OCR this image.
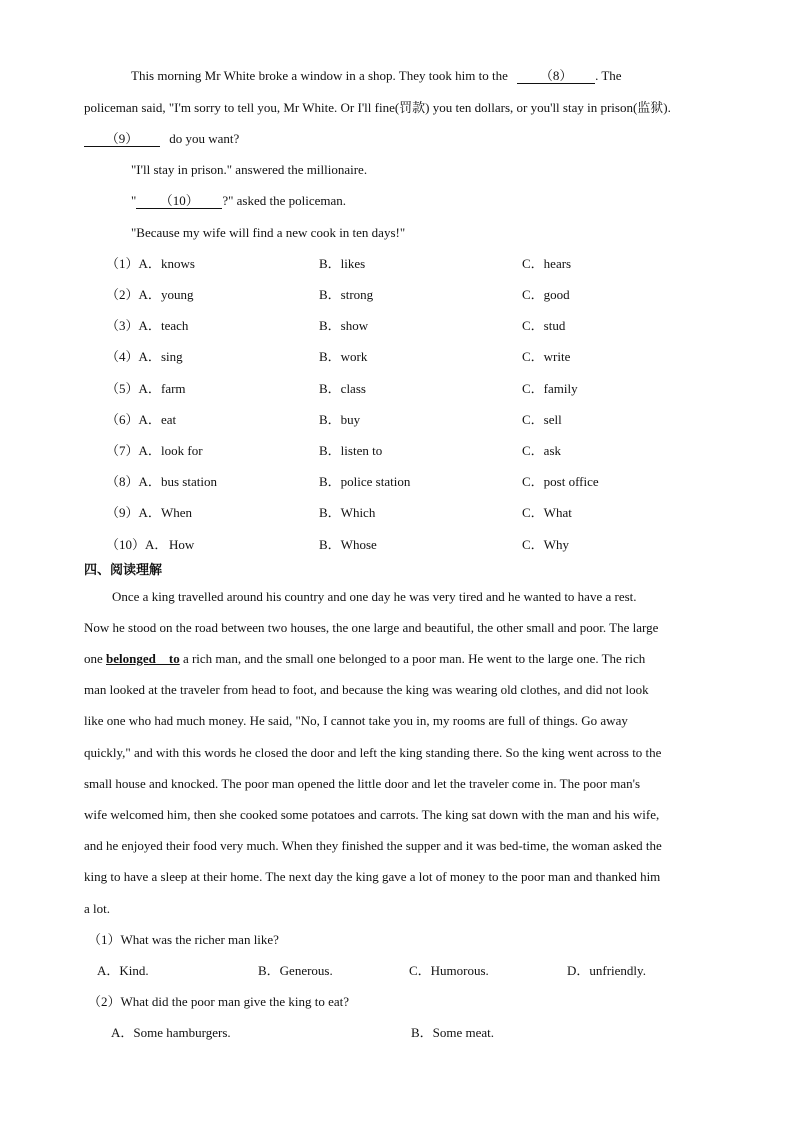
This morning Mr White broke a window in a shop. They took him to the （8） . The
policeman said, "I'm sorry to tell you, Mr White. Or I'll fine(罚款) you ten dollars, or you'll stay in prison(监狱).
（9） do you want?
"I'll stay in prison." answered the millionaire.
" （10） ?" asked the policeman.
"Because my wife will find a new cook in ten days!"
（1）A． knows	B．likes	C．hears
（2）A． young	B．strong	C．good
（3）A． teach	B．show	C．stud
（4）A． sing	B．work	C．write
（5）A． farm	B．class	C．family
（6）A． eat	B．buy	C．sell
（7）A． look for	B．listen to	C．ask
（8）A． bus station	B．police station	C．post office
（9）A． When	B．Which	C．What
（10）A． How	B．Whose	C．Why
四、阅读理解
Once a king travelled around his country and one day he was very tired and he wanted to have a rest.
Now he stood on the road between two houses, the one large and beautiful, the other small and poor. The large
one belonged    to a rich man, and the small one belonged to a poor man. He went to the large one. The rich
man looked at the traveler from head to foot, and because the king was wearing old clothes, and did not look
like one who had much money. He said, "No, I cannot take you in, my rooms are full of things. Go away
quickly," and with this words he closed the door and left the king standing there. So the king went across to the
small house and knocked. The poor man opened the little door and let the traveler come in. The poor man's
wife welcomed him, then she cooked some potatoes and carrots. The king sat down with the man and his wife,
and he enjoyed their food very much. When they finished the supper and it was bed-time, the woman asked the
king to have a sleep at their home. The next day the king gave a lot of money to the poor man and thanked him
a lot.
（1）What was the richer man like?
A．Kind.	B．Generous.	C．Humorous.	D．unfriendly.
（2）What did the poor man give the king to eat?
A．Some hamburgers.	B．Some meat.
